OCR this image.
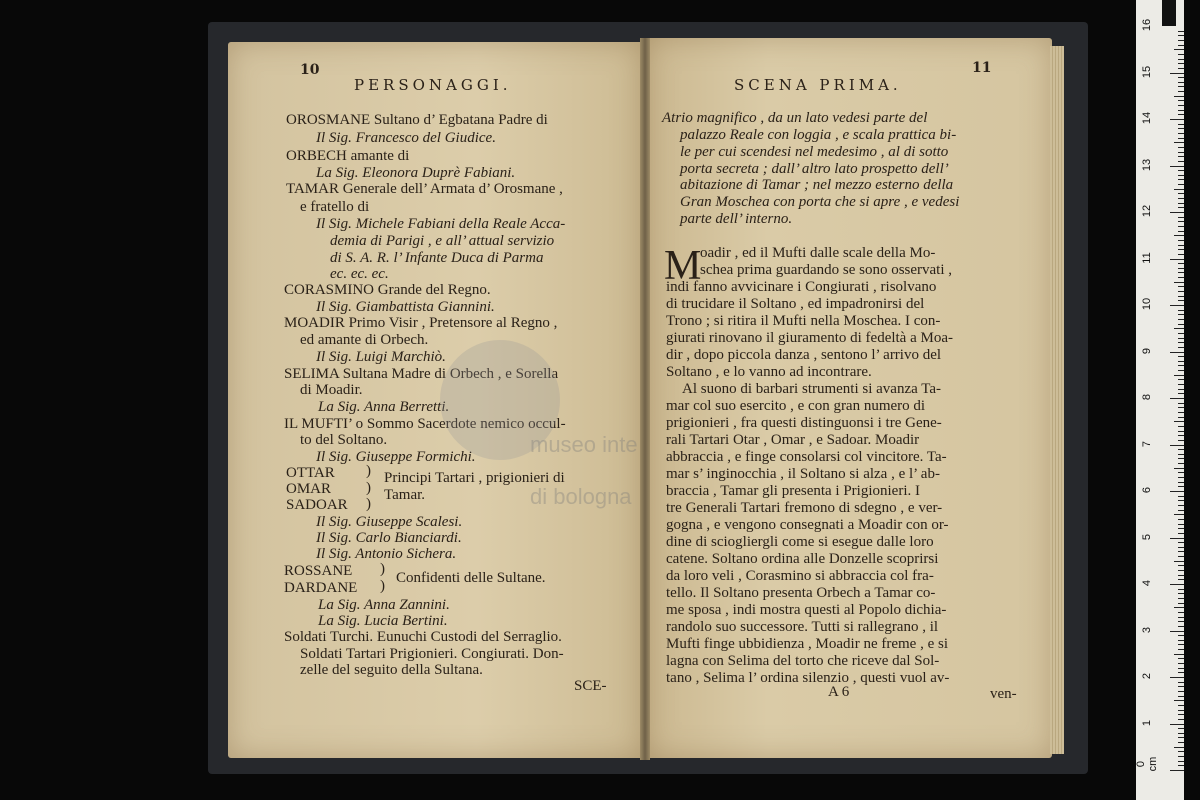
10
PERSONAGGI.
OROSMANE Sultano d’ Egbatana Padre di
Il Sig. Francesco del Giudice.
ORBECH amante di
La Sig. Eleonora Duprè Fabiani.
TAMAR Generale dell’ Armata d’ Orosmane ,
e fratello di
Il Sig. Michele Fabiani della Reale Acca-
demia di Parigi , e all’ attual servizio
di S. A. R. l’ Infante Duca di Parma
ec. ec. ec.
CORASMINO Grande del Regno.
Il Sig. Giambattista Giannini.
MOADIR Primo Visir , Pretensore al Regno ,
ed amante di Orbech.
Il Sig. Luigi Marchiò.
SELIMA Sultana Madre di Orbech , e Sorella
di Moadir.
La Sig. Anna Berretti.
IL MUFTI’ o Sommo Sacerdote nemico occul-
to del Soltano.
Il Sig. Giuseppe Formichi.
OTTAR
OMAR
SADOAR
)
)
)
Principi Tartari , prigionieri di
Tamar.
Il Sig. Giuseppe Scalesi.
Il Sig. Carlo Bianciardi.
Il Sig. Antonio Sichera.
ROSSANE
DARDANE
)
) Confidenti delle Sultane.
La Sig. Anna Zannini.
La Sig. Lucia Bertini.
Soldati Turchi. Eunuchi Custodi del Serraglio.
Soldati Tartari Prigionieri. Congiurati. Don-
zelle del seguito della Sultana.
SCE-
SCENA PRIMA.
11
Atrio magnifico , da un lato vedesi parte del
palazzo Reale con loggia , e scala prattica bi-
le per cui scendesi nel medesimo , al di sotto
porta secreta ; dall’ altro lato prospetto dell’
abitazione di Tamar ; nel mezzo esterno della
Gran Moschea con porta che si apre , e vedesi
parte dell’ interno.
M
oadir , ed il Mufti dalle scale della Mo-
schea prima guardando se sono osservati ,
indi fanno avvicinare i Congiurati , risolvano
di trucidare il Soltano , ed impadronirsi del
Trono ; si ritira il Mufti nella Moschea. I con-
giurati rinovano il giuramento di fedeltà a Moa-
dir , dopo piccola danza , sentono l’ arrivo del
Soltano , e lo vanno ad incontrare.
Al suono di barbari strumenti si avanza Ta-
mar col suo esercito , e con gran numero di
prigionieri , fra questi distinguonsi i tre Gene-
rali Tartari Otar , Omar , e Sadoar. Moadir
abbraccia , e finge consolarsi col vincitore. Ta-
mar s’ inginocchia , il Soltano si alza , e l’ ab-
braccia , Tamar gli presenta i Prigionieri. I
tre Generali Tartari fremono di sdegno , e ver-
gogna , e vengono consegnati a Moadir con or-
dine di sciogliergli come si esegue dalle loro
catene. Soltano ordina alle Donzelle scoprirsi
da loro veli , Corasmino si abbraccia col fra-
tello. Il Soltano presenta Orbech a Tamar co-
me sposa , indi mostra questi al Popolo dichia-
randolo suo successore. Tutti si rallegrano , il
Mufti finge ubbidienza , Moadir ne freme , e si
lagna con Selima del torto che riceve dal Sol-
tano , Selima l’ ordina silenzio , questi vuol av-
A 6	ven-
museo inte
di bologna
0 cm
1
2
3
4
5
6
7
8
9
10
11
12
13
14
15
16
